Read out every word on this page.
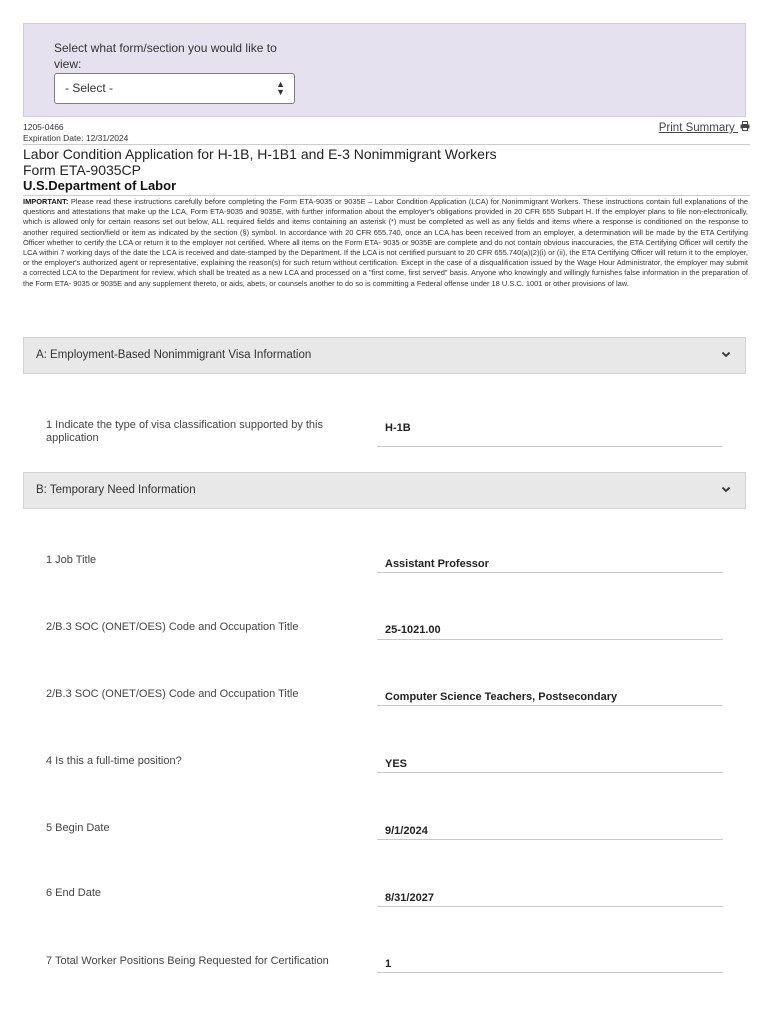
Select what form/section you would like to view:
- Select -	▲
▼
1205-0466
Expiration Date: 12/31/2024
Print Summary
Labor Condition Application for H-1B, H-1B1 and E-3 Nonimmigrant Workers
Form ETA-9035CP
U.S.Department of Labor
IMPORTANT: Please read these instructions carefully before completing the Form ETA-9035 or 9035E – Labor Condition Application (LCA) for Nonimmigrant Workers. These instructions contain full explanations of the questions and attestations that make up the LCA, Form ETA-9035 and 9035E, with further information about the employer's obligations provided in 20 CFR 655 Subpart H. If the employer plans to file non-electronically, which is allowed only for certain reasons set out below, ALL required fields and items containing an asterisk (*) must be completed as well as any fields and items where a response is conditioned on the response to another required section/field or item as indicated by the section (§) symbol. In accordance with 20 CFR 655.740, once an LCA has been received from an employer, a determination will be made by the ETA Certifying Officer whether to certify the LCA or return it to the employer not certified. Where all items on the Form ETA- 9035 or 9035E are complete and do not contain obvious inaccuracies, the ETA Certifying Officer will certify the LCA within 7 working days of the date the LCA is received and date-stamped by the Department. If the LCA is not certified pursuant to 20 CFR 655.740(a)(2)(i) or (ii), the ETA Certifying Officer will return it to the employer, or the employer's authorized agent or representative, explaining the reason(s) for such return without certification. Except in the case of a disqualification issued by the Wage Hour Administrator, the employer may submit a corrected LCA to the Department for review, which shall be treated as a new LCA and processed on a "first come, first served" basis. Anyone who knowingly and willingly furnishes false information in the preparation of the Form ETA- 9035 or 9035E and any supplement thereto, or aids, abets, or counsels another to do so is committing a Federal offense under 18 U.S.C. 1001 or other provisions of law.
A: Employment-Based Nonimmigrant Visa Information
1 Indicate the type of visa classification supported by this application
H-1B
B: Temporary Need Information
1 Job Title	Assistant Professor
2/B.3 SOC (ONET/OES) Code and Occupation Title	25-1021.00
2/B.3 SOC (ONET/OES) Code and Occupation Title	Computer Science Teachers, Postsecondary
4 Is this a full-time position?	YES
5 Begin Date	9/1/2024
6 End Date	8/31/2027
7 Total Worker Positions Being Requested for Certification	1
